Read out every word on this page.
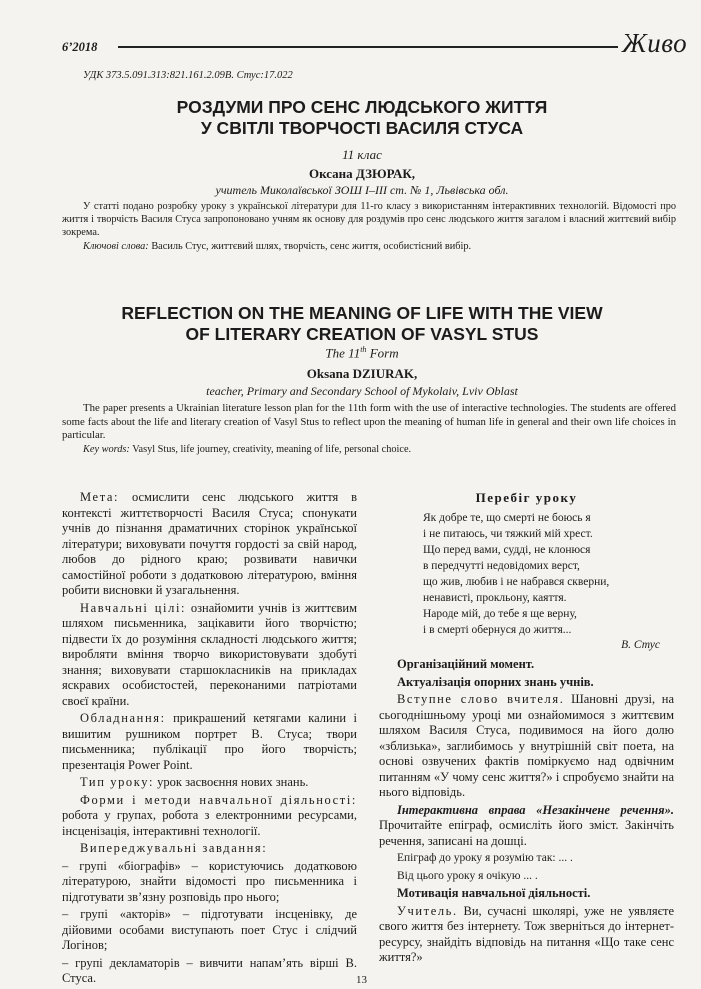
6’2018	Живо
УДК 373.5.091.313:821.161.2.09В. Стус:17.022
РОЗДУМИ ПРО СЕНС ЛЮДСЬКОГО ЖИТТЯ
У СВІТЛІ ТВОРЧОСТІ ВАСИЛЯ СТУСА
11 клас
Оксана ДЗЮРАК,
учитель Миколаївської ЗОШ І–ІІІ ст. № 1, Львівська обл.

У статті подано розробку уроку з української літератури для 11-го класу з використанням інтерактивних технологій. Відомості про життя і творчість Василя Стуса запропоновано учням як основу для роздумів про сенс людського життя загалом і власний життєвий вибір зокрема.

Ключові слова: Василь Стус, життєвий шлях, творчість, сенс життя, особистісний вибір.

REFLECTION ON THE MEANING OF LIFE WITH THE VIEW
OF LITERARY CREATION OF VASYL STUS
The 11th Form
Oksana DZIURAK,
teacher, Primary and Secondary School of Mykolaiv, Lviv Oblast

The paper presents a Ukrainian literature lesson plan for the 11th form with the use of interactive technologies. The students are offered some facts about the life and literary creation of Vasyl Stus to reflect upon the meaning of human life in general and their own life choices in particular.

Key words: Vasyl Stus, life journey, creativity, meaning of life, personal choice.

Мета: осмислити сенс людського життя в контексті життєтворчості Василя Стуса; спонукати учнів до пізнання драматичних сторінок української літератури; виховувати почуття гордості за свій народ, любов до рідного краю; розвивати навички самостійної роботи з додатковою літературою, вміння робити висновки й узагальнення.

Навчальні цілі: ознайомити учнів із життєвим шляхом письменника, зацікавити його творчістю; підвести їх до розуміння складності людського життя; виробляти вміння творчо використовувати здобуті знання; виховувати старшокласників на прикладах яскравих особистостей, переконаними патріотами своєї країни.

Обладнання: прикрашений кетягами калини і вишитим рушником портрет В. Стуса; твори письменника; публікації про його творчість; презентація Power Point.

Тип уроку: урок засвоєння нових знань.

Форми і методи навчальної діяльності: робота у групах, робота з електронними ресурсами, інсценізація, інтерактивні технології.

Випереджувальні завдання:

– групі «біографів» – користуючись додатковою літературою, знайти відомості про письменника і підготувати зв’язну розповідь про нього;

– групі «акторів» – підготувати інсценівку, де дійовими особами виступають поет Стус і слідчий Логінов;

– групі декламаторів – вивчити напам’ять вірші В. Стуса.

Перебіг уроку
Як добре те, що смерті не боюсь я
і не питаюсь, чи тяжкий мій хрест.
Що перед вами, судді, не клонюся
в передчутті недовідомих верст,
що жив, любив і не набрався скверни,
ненависті, прокльону, каяття.
Народе мій, до тебе я ще верну,
і в смерті обернуся до життя...
В. Стус

Організаційний момент.

Актуалізація опорних знань учнів.

Вступне слово вчителя. Шановні друзі, на сьогоднішньому уроці ми ознайомимося з життєвим шляхом Василя Стуса, подивимося на його долю «зблизька», заглибимось у внутрішній світ поета, на основі озвучених фактів поміркуємо над одвічним питанням «У чому сенс життя?» і спробуємо знайти на нього відповідь.

Інтерактивна вправа «Незакінчене речення». Прочитайте епіграф, осмисліть його зміст. Закінчіть речення, записані на дошці.

Епіграф до уроку я розумію так: ... .

Від цього уроку я очікую ... .

Мотивація навчальної діяльності.

Учитель. Ви, сучасні школярі, уже не уявляєте свого життя без інтернету. Тож зверніться до інтернет-ресурсу, знайдіть відповідь на питання «Що таке сенс життя?»

13
